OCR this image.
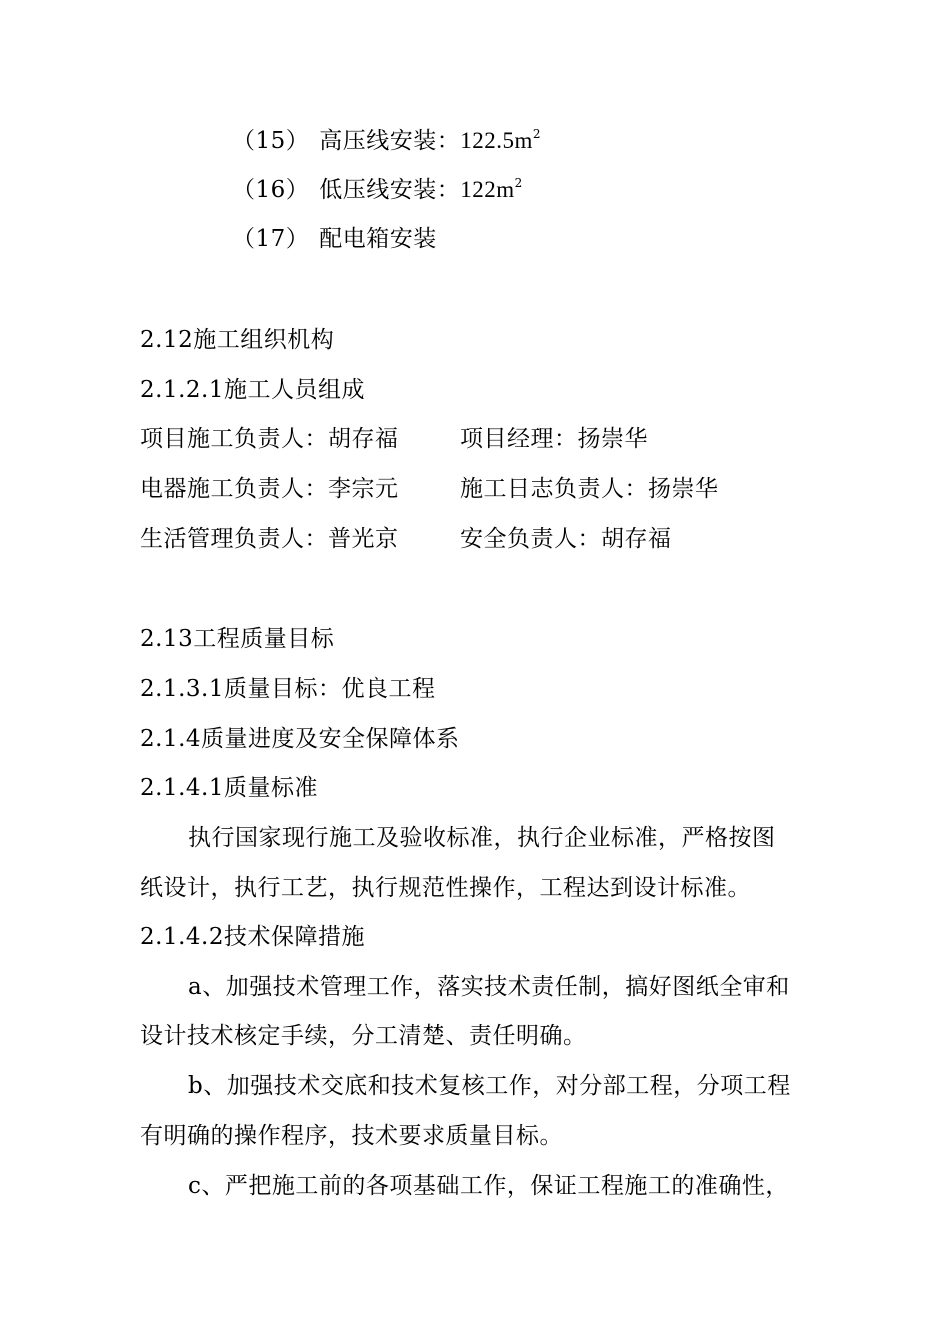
（15） 高压线安装：$122.5m^2$
（16） 低压线安装：$122m^2$
（17） 配电箱安装
2.12施工组织机构
2.1.2.1施工人员组成
项目施工负责人：胡存福	项目经理：扬崇华
电器施工负责人：李宗元	施工日志负责人：扬崇华
生活管理负责人：普光京	安全负责人：胡存福
2.13工程质量目标
2.1.3.1质量目标：优良工程
2.1.4质量进度及安全保障体系
2.1.4.1质量标准
执行国家现行施工及验收标准，执行企业标准，严格按图
纸设计，执行工艺，执行规范性操作，工程达到设计标准。
2.1.4.2技术保障措施
a、加强技术管理工作，落实技术责任制，搞好图纸全审和
设计技术核定手续，分工清楚、责任明确。
b、加强技术交底和技术复核工作，对分部工程，分项工程
有明确的操作程序，技术要求质量目标。
c、严把施工前的各项基础工作，保证工程施工的准确性，
